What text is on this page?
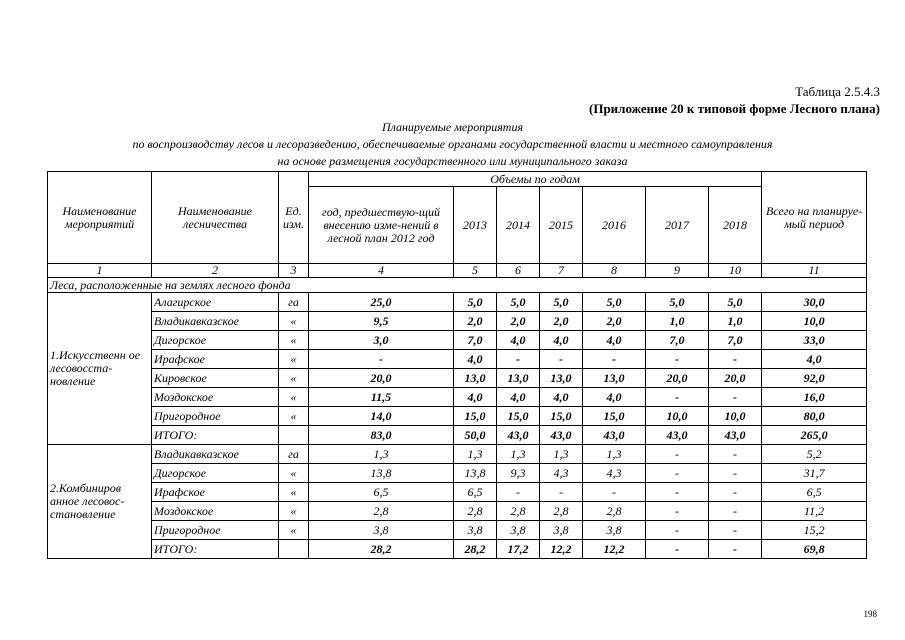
Таблица 2.5.4.3
(Приложение 20 к типовой форме Лесного плана)
Планируемые мероприятия
по воспроизводству лесов и лесоразведению, обеспечиваемые органами государственной власти и местного самоуправления
на основе размещения государственного или муниципального заказа
Наименование мероприятий	Наименование лесничества	Ед. изм.	Объемы по годам							Всего на планируе-мый период
			год, предшествую-щий внесению изме-нений в лесной план 2012 год	2013	2014	2015	2016	2017	2018	
1	2	3	4	5	6	7	8	9	10	11
Леса, расположенные на землях лесного фонда										
1.Искусственн ое лесовосста-новление	Алагирское	га	25,0	5,0	5,0	5,0	5,0	5,0	5,0	30,0
	Владикавказское	«	9,5	2,0	2,0	2,0	2,0	1,0	1,0	10,0
	Дигорское	«	3,0	7,0	4,0	4,0	4,0	7,0	7,0	33,0
	Ирафское	«	-	4,0	-	-	-	-	-	4,0
	Кировское	«	20,0	13,0	13,0	13,0	13,0	20,0	20,0	92,0
	Моздокское	«	11,5	4,0	4,0	4,0	4,0	-	-	16,0
	Пригородное	«	14,0	15,0	15,0	15,0	15,0	10,0	10,0	80,0
	ИТОГО:		83,0	50,0	43,0	43,0	43,0	43,0	43,0	265,0
2.Комбиниров анное лесовос-становление	Владикавказское	га	1,3	1,3	1,3	1,3	1,3	-	-	5,2
	Дигорское	«	13,8	13,8	9,3	4,3	4,3	-	-	31,7
	Ирафское	«	6,5	6,5	-	-	-	-	-	6,5
	Моздокское	«	2,8	2,8	2,8	2,8	2,8	-	-	11,2
	Пригородное	«	3,8	3,8	3,8	3,8	3,8	-	-	15,2
	ИТОГО:		28,2	28,2	17,2	12,2	12,2	-	-	69,8
198
